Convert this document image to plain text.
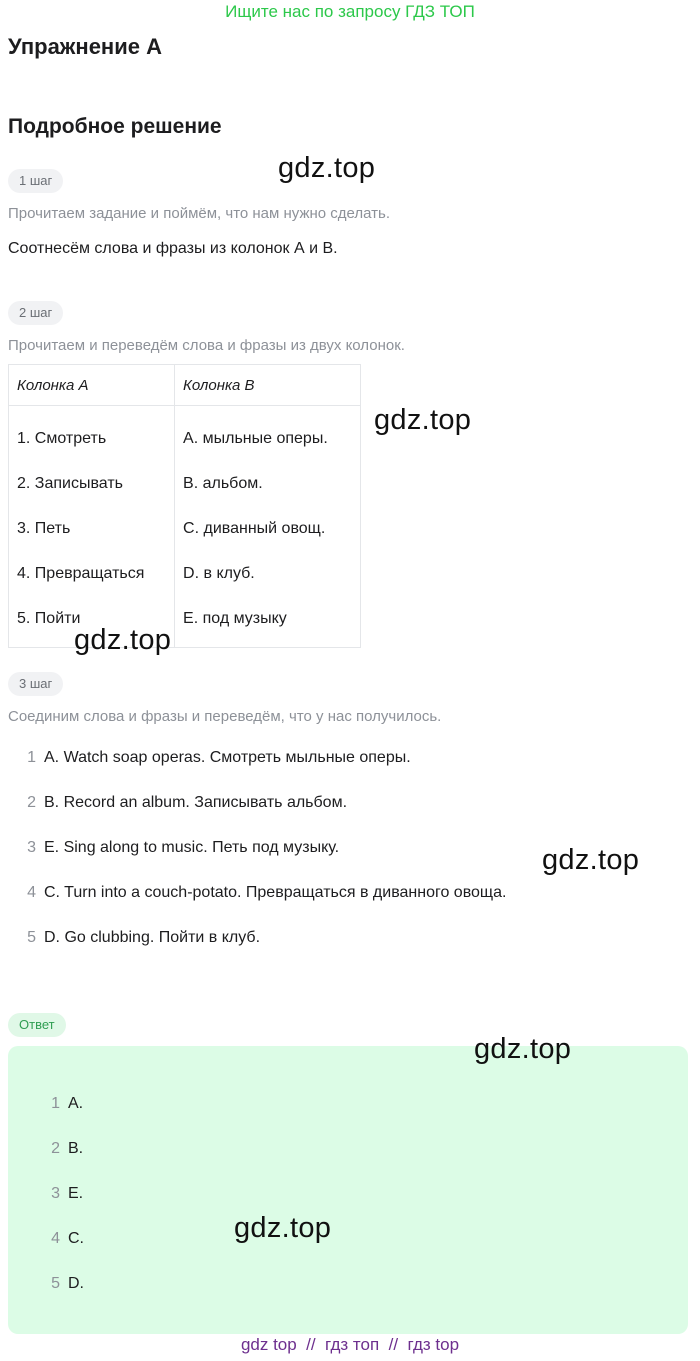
Ищите нас по запросу ГДЗ ТОП
Упражнение A
Подробное решение
1 шаг
Прочитаем задание и поймём, что нам нужно сделать.
Соотнесём слова и фразы из колонок А и В.
2 шаг
Прочитаем и переведём слова и фразы из двух колонок.
Колонка А	Колонка В
1. Смотреть	A. мыльные оперы.
2. Записывать	B. альбом.
3. Петь	C. диванный овощ.
4. Превращаться	D. в клуб.
5. Пойти	E. под музыку
3 шаг
Соединим слова и фразы и переведём, что у нас получилось.
1 A. Watch soap operas. Смотреть мыльные оперы.
2 B. Record an album. Записывать альбом.
3 E. Sing along to music. Петь под музыку.
4 C. Turn into a couch-potato. Превращаться в диванного овоща.
5 D. Go clubbing. Пойти в клуб.
Ответ
1 A.
2 B.
3 E.
4 C.
5 D.
gdz.top
gdz.top
gdz.top
gdz.top
gdz.top
gdz.top
gdz top  //  гдз топ  //  гдз top
